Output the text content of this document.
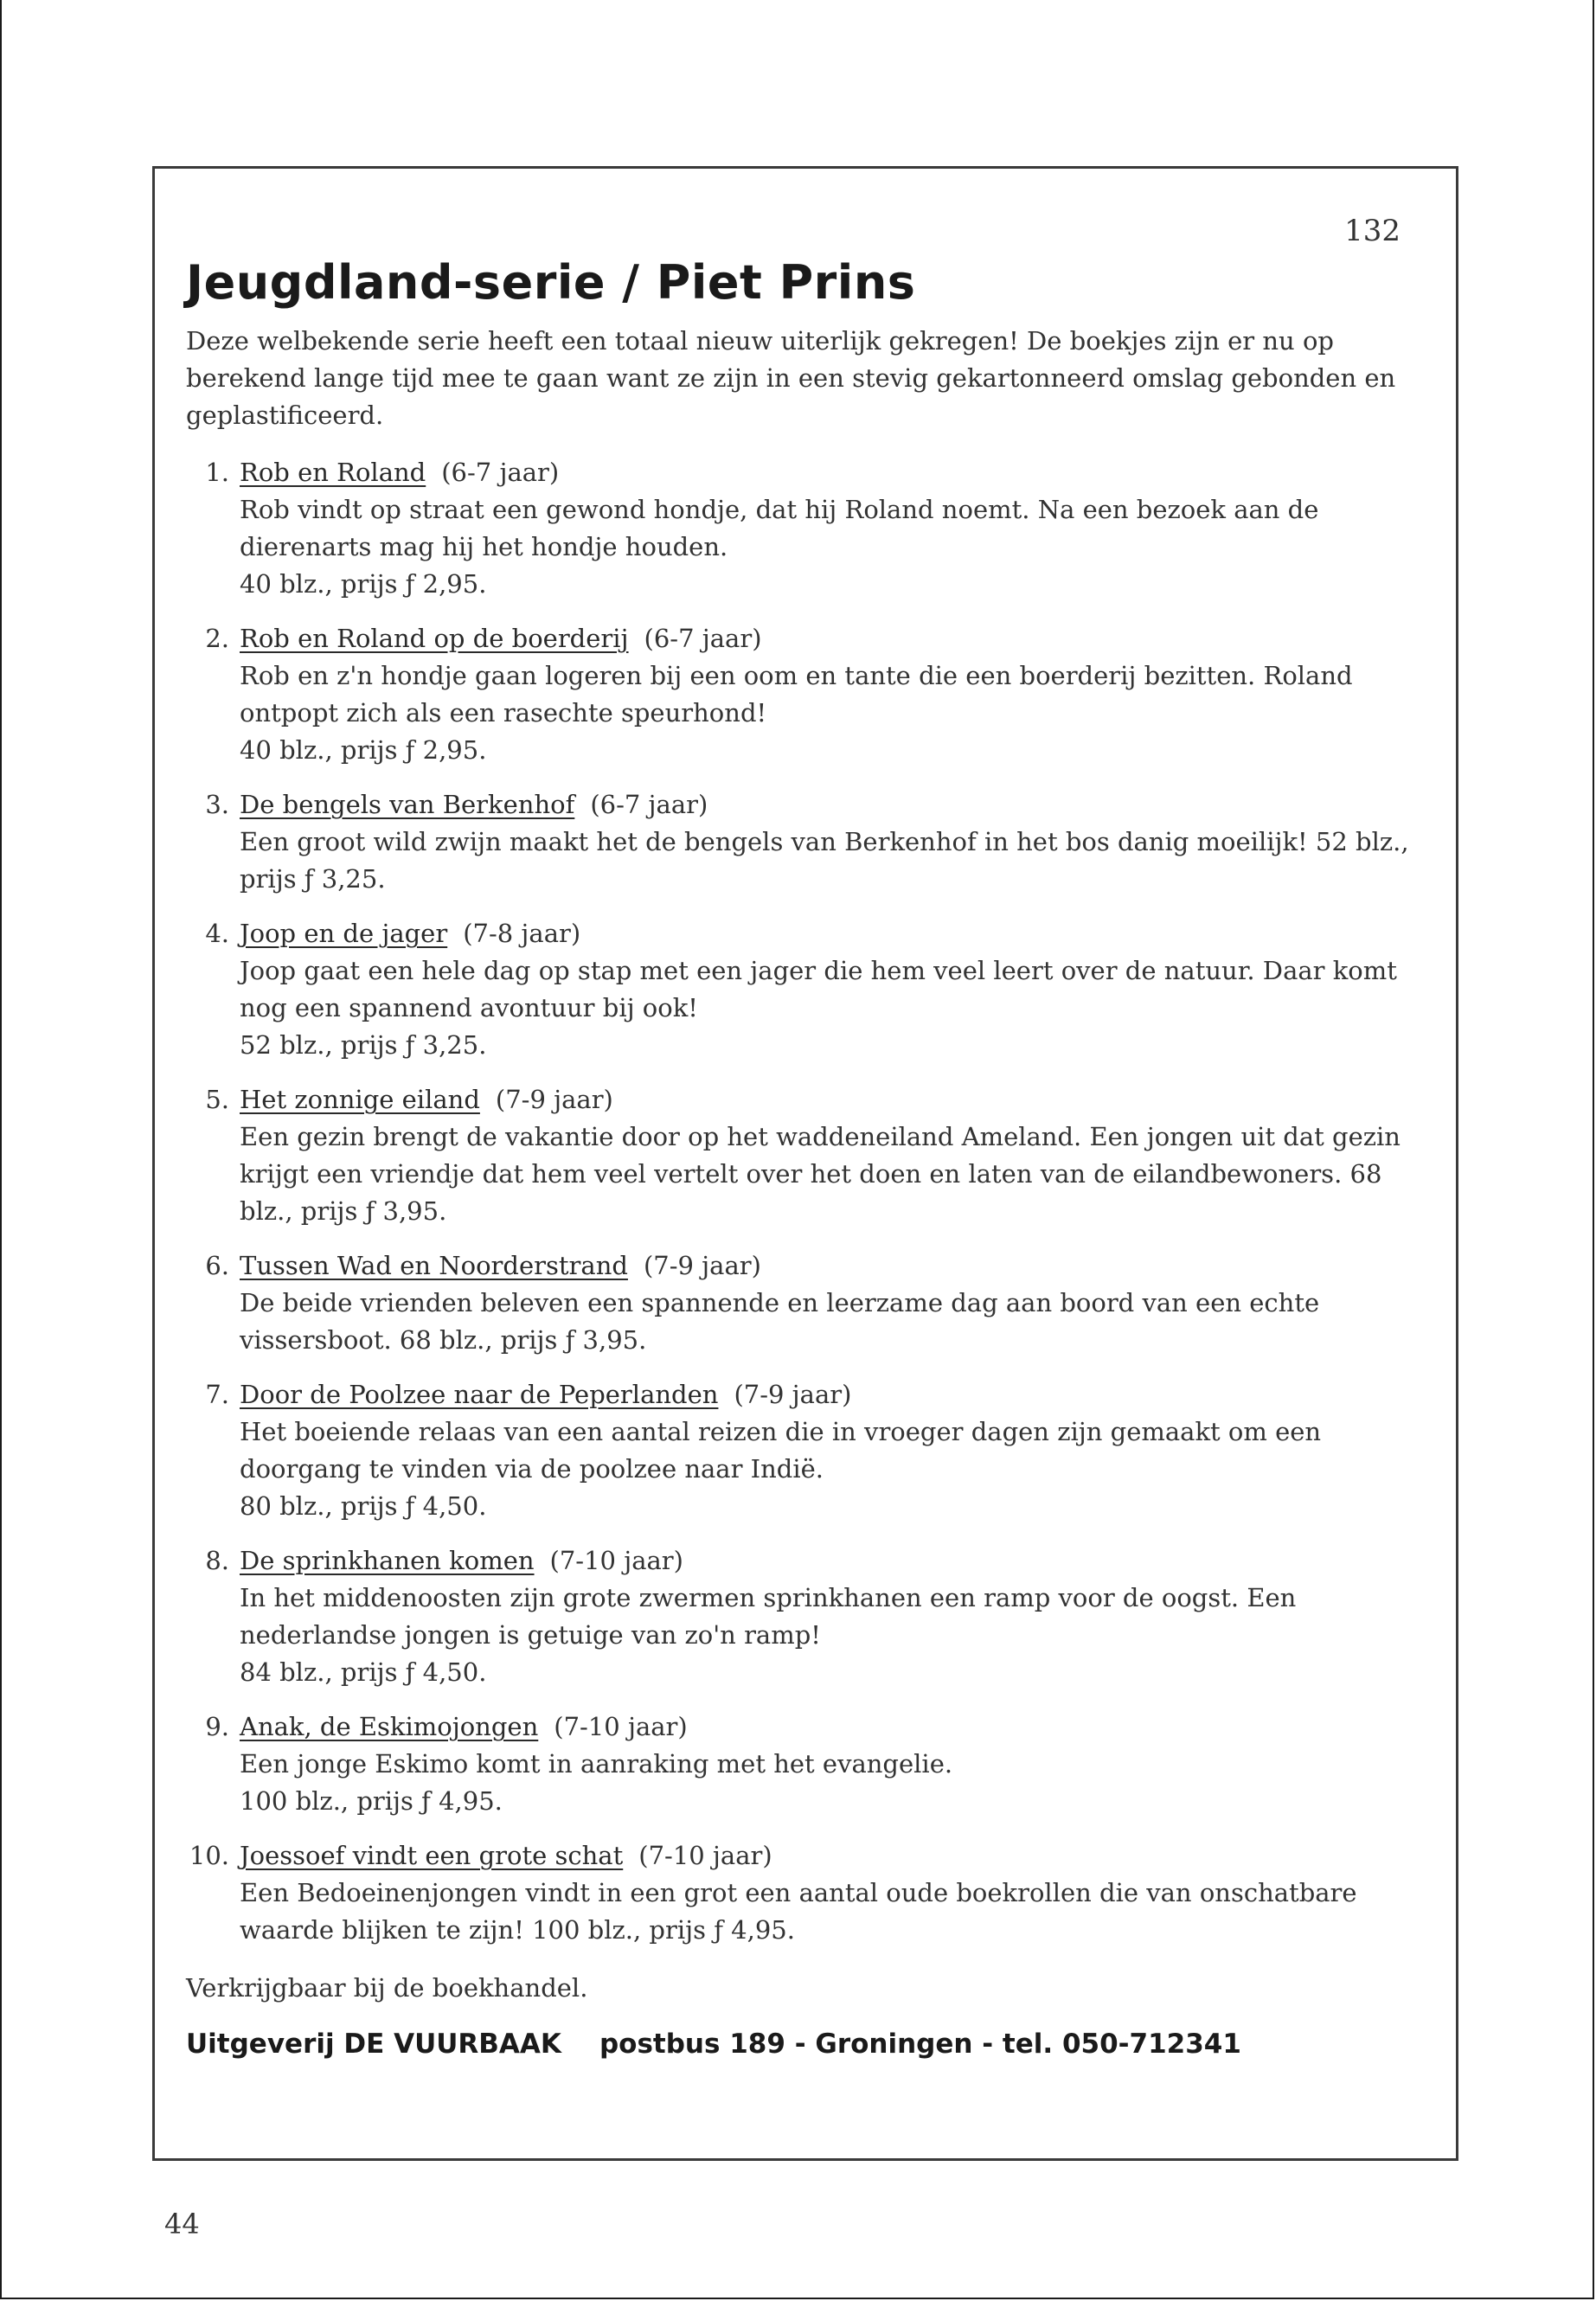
132
Jeugdland-serie / Piet Prins

Deze welbekende serie heeft een totaal nieuw uiterlijk gekregen! De boekjes zijn er nu op berekend lange tijd mee te gaan want ze zijn in een stevig gekartonneerd omslag gebonden en geplastificeerd.

1. Rob en Roland (6-7 jaar)
Rob vindt op straat een gewond hondje, dat hij Roland noemt. Na een bezoek aan de dierenarts mag hij het hondje houden.
40 blz., prijs ƒ 2,95.
2. Rob en Roland op de boerderij (6-7 jaar)
Rob en z'n hondje gaan logeren bij een oom en tante die een boerderij bezitten. Roland ontpopt zich als een rasechte speurhond!
40 blz., prijs ƒ 2,95.
3. De bengels van Berkenhof (6-7 jaar)
Een groot wild zwijn maakt het de bengels van Berkenhof in het bos danig moeilijk! 52 blz., prijs ƒ 3,25.
4. Joop en de jager (7-8 jaar)
Joop gaat een hele dag op stap met een jager die hem veel leert over de natuur. Daar komt nog een spannend avontuur bij ook!
52 blz., prijs ƒ 3,25.
5. Het zonnige eiland (7-9 jaar)
Een gezin brengt de vakantie door op het waddeneiland Ameland. Een jongen uit dat gezin krijgt een vriendje dat hem veel vertelt over het doen en laten van de eilandbewoners. 68 blz., prijs ƒ 3,95.
6. Tussen Wad en Noorderstrand (7-9 jaar)
De beide vrienden beleven een spannende en leerzame dag aan boord van een echte vissersboot. 68 blz., prijs ƒ 3,95.
7. Door de Poolzee naar de Peperlanden (7-9 jaar)
Het boeiende relaas van een aantal reizen die in vroeger dagen zijn gemaakt om een doorgang te vinden via de poolzee naar Indië.
80 blz., prijs ƒ 4,50.
8. De sprinkhanen komen (7-10 jaar)
In het middenoosten zijn grote zwermen sprinkhanen een ramp voor de oogst. Een nederlandse jongen is getuige van zo'n ramp!
84 blz., prijs ƒ 4,50.
9. Anak, de Eskimojongen (7-10 jaar)
Een jonge Eskimo komt in aanraking met het evangelie.
100 blz., prijs ƒ 4,95.
10. Joessoef vindt een grote schat (7-10 jaar)
Een Bedoeinenjongen vindt in een grot een aantal oude boekrollen die van onschatbare waarde blijken te zijn! 100 blz., prijs ƒ 4,95.

Verkrijgbaar bij de boekhandel.

Uitgeverij DE VUURBAAK postbus 189 - Groningen - tel. 050-712341

44
